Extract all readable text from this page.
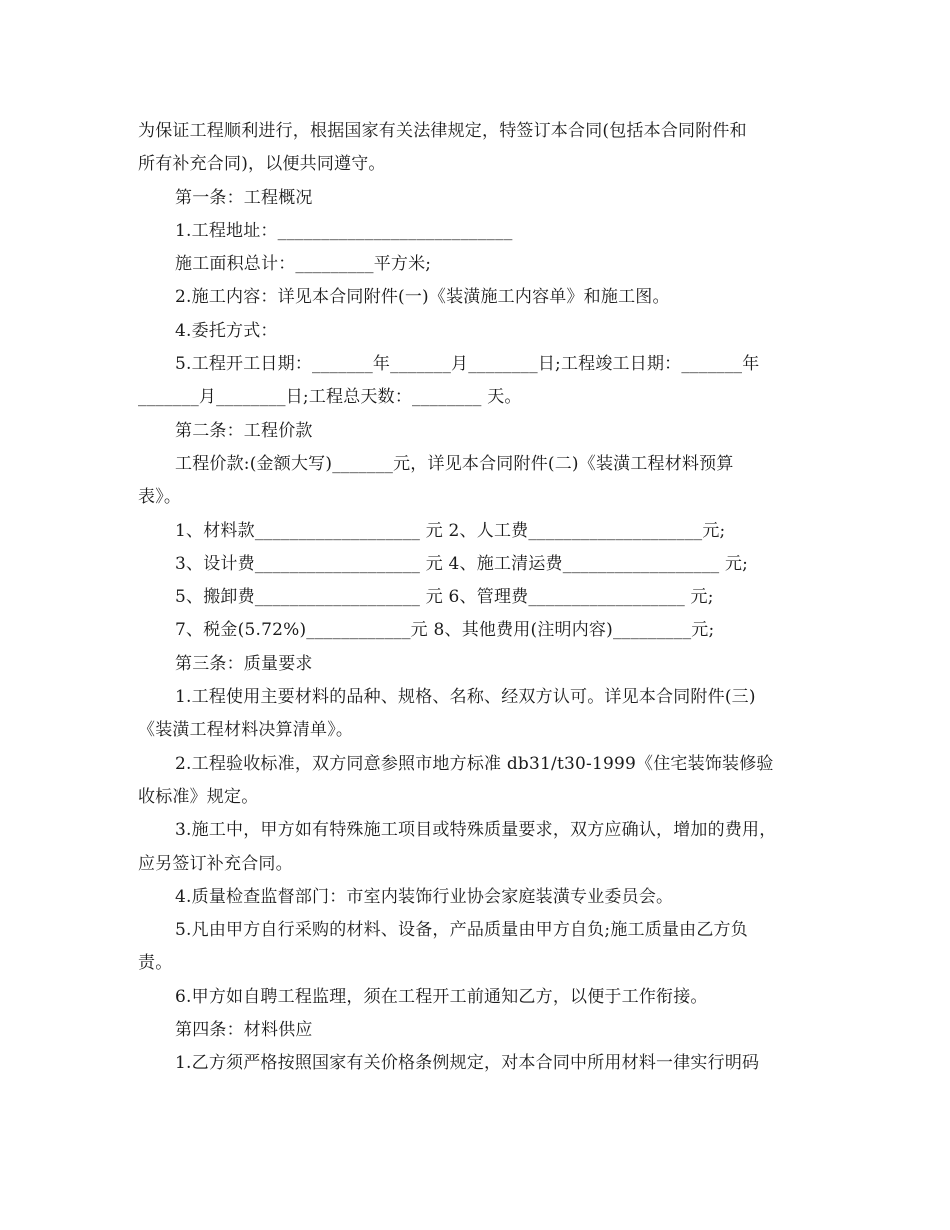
为保证工程顺利进行，根据国家有关法律规定，特签订本合同(包括本合同附件和
所有补充合同)，以便共同遵守。
第一条：工程概况
1.工程地址：___________________________
施工面积总计：_________平方米;
2.施工内容：详见本合同附件(一)《装潢施工内容单》和施工图。
4.委托方式：
5.工程开工日期：_______年_______月________日;工程竣工日期：_______年
_______月________日;工程总天数：________ 天。
第二条：工程价款
工程价款:(金额大写)_______元，详见本合同附件(二)《装潢工程材料预算
表》。
1、材料款___________________ 元 2、人工费____________________元;
3、设计费___________________ 元 4、施工清运费__________________ 元;
5、搬卸费___________________ 元 6、管理费__________________ 元;
7、税金(5.72%)____________元 8、其他费用(注明内容)_________元;
第三条：质量要求
1.工程使用主要材料的品种、规格、名称、经双方认可。详见本合同附件(三)
《装潢工程材料决算清单》。
2.工程验收标准，双方同意参照市地方标准 db31/t30-1999《住宅装饰装修验
收标准》规定。
3.施工中，甲方如有特殊施工项目或特殊质量要求，双方应确认，增加的费用，
应另签订补充合同。
4.质量检查监督部门：市室内装饰行业协会家庭装潢专业委员会。
5.凡由甲方自行采购的材料、设备，产品质量由甲方自负;施工质量由乙方负
责。
6.甲方如自聘工程监理，须在工程开工前通知乙方，以便于工作衔接。
第四条：材料供应
1.乙方须严格按照国家有关价格条例规定，对本合同中所用材料一律实行明码
